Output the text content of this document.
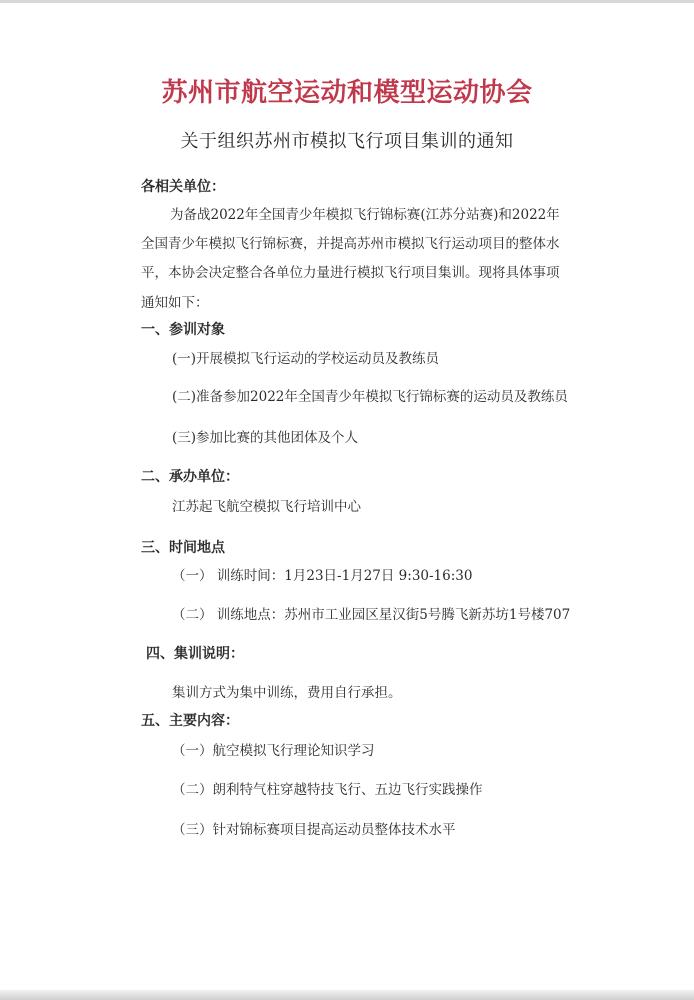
苏州市航空运动和模型运动协会
关于组织苏州市模拟飞行项目集训的通知
各相关单位：
为备战2022年全国青少年模拟飞行锦标赛(江苏分站赛)和2022年
全国青少年模拟飞行锦标赛，并提高苏州市模拟飞行运动项目的整体水
平，本协会决定整合各单位力量进行模拟飞行项目集训。现将具体事项
通知如下：
一、参训对象
(一)开展模拟飞行运动的学校运动员及教练员
(二)准备参加2022年全国青少年模拟飞行锦标赛的运动员及教练员
(三)参加比赛的其他团体及个人
二、承办单位：
江苏起飞航空模拟飞行培训中心
三、时间地点
（一） 训练时间：1月23日-1月27日 9:30-16:30
（二） 训练地点：苏州市工业园区星汉街5号腾飞新苏坊1号楼707
四、集训说明：
集训方式为集中训练，费用自行承担。
五、主要内容：
（一）航空模拟飞行理论知识学习
（二）朗利特气柱穿越特技飞行、五边飞行实践操作
（三）针对锦标赛项目提高运动员整体技术水平
